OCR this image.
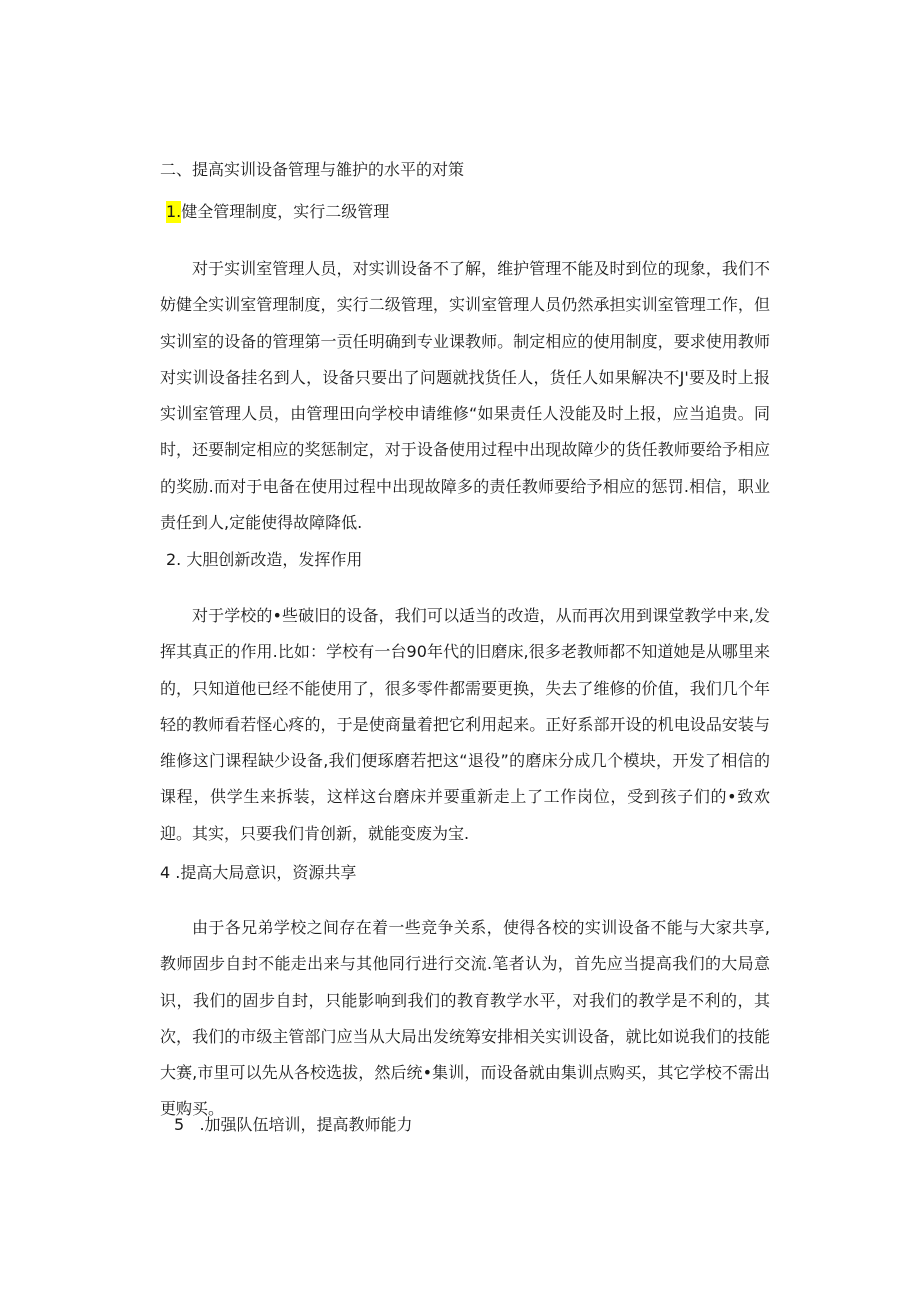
二、提高实训设备管理与雒护的水平的对策
1.健全管理制度，实行二级管理

对于实训室管理人员，对实训设备不了解，维护管理不能及时到位的现象，我们不妨健全实训室管理制度，实行二级管理，实训室管理人员仍然承担实训室管理工作，但实训室的设备的管理第一贡任明确到专业课教师。制定相应的使用制度，要求使用教师对实训设备挂名到人，设备只要出了问题就找货任人，货任人如果解决不J'要及时上报实训室管理人员，由管理田向学校申请维修“如果责任人没能及时上报，应当追贵。同时，还要制定相应的奖惩制定，对于设备使用过程中出现故障少的货任教师要给予相应的奖励.而对于电备在使用过程中出现故障多的责任教师要给予相应的惩罚.相信，职业责任到人,定能使得故障降低.

2. 大胆创新改造，发挥作用

对于学校的•些破旧的设备，我们可以适当的改造，从而再次用到课堂教学中来,发挥其真正的作用.比如：学校有一台90年代的旧磨床,很多老教师都不知道她是从哪里来的，只知道他已经不能使用了，很多零件都需要更换，失去了维修的价值，我们几个年轻的教师看若怪心疼的，于是使商量着把它利用起来。正好系部开设的机电设品安装与维修这门课程缺少设备,我们便琢磨若把这“退役”的磨床分成几个模块，开发了相信的课程，供学生来拆装，这样这台磨床并要重新走上了工作岗位，受到孩子们的•致欢迎。其实，只要我们肯创新，就能变废为宝.

4 .提高大局意识，资源共享

由于各兄弟学校之间存在着一些竞争关系，使得各校的实训设备不能与大家共享,教师固步自封不能走出来与其他同行进行交流.笔者认为，首先应当提高我们的大局意识，我们的固步自封，只能影响到我们的教育教学水平，对我们的教学是不利的，其次，我们的市级主管部门应当从大局出发统筹安排相关实训设备，就比如说我们的技能大赛,市里可以先从各校选拔，然后统•集训，而设备就由集训点购买，其它学校不需出更购买。

5 .加强队伍培训，提高教师能力
